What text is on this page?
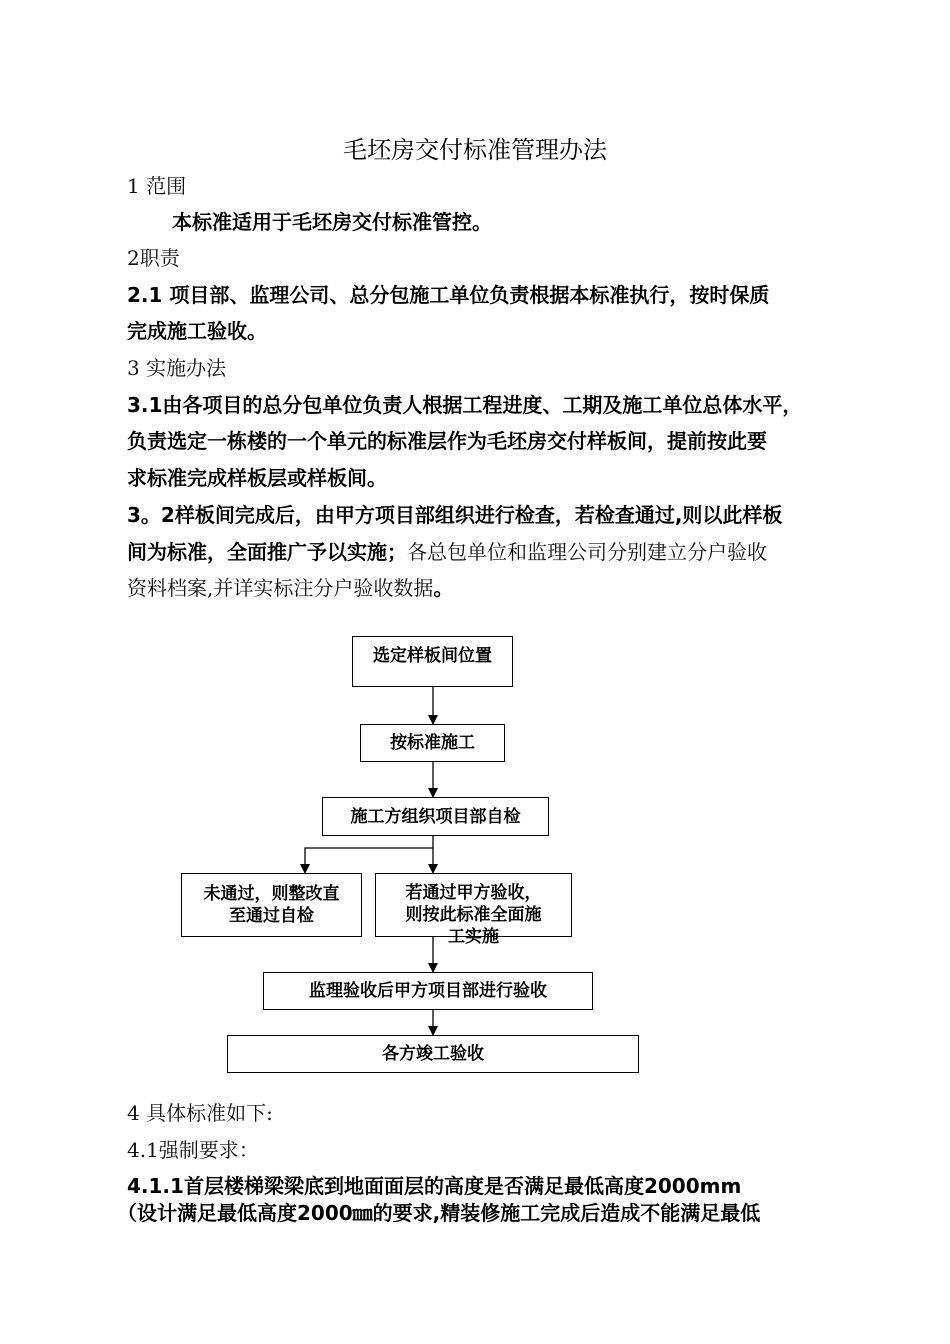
毛坯房交付标准管理办法
1 范围
本标准适用于毛坯房交付标准管控。
2职责
2.1 项目部、监理公司、总分包施工单位负责根据本标准执行，按时保质
完成施工验收。
3 实施办法
3.1由各项目的总分包单位负责人根据工程进度、工期及施工单位总体水平，
负责选定一栋楼的一个单元的标准层作为毛坯房交付样板间，提前按此要
求标准完成样板层或样板间。
3。2样板间完成后，由甲方项目部组织进行检查，若检查通过,则以此样板
间为标准，全面推广予以实施；各总包单位和监理公司分别建立分户验收
资料档案,并详实标注分户验收数据。
选定样板间位置
按标准施工
施工方组织项目部自检
未通过，则整改直至通过自检
若通过甲方验收，则按此标准全面施工实施
监理验收后甲方项目部进行验收
各方竣工验收
4 具体标准如下:
4.1强制要求：
4.1.1首层楼梯梁梁底到地面面层的高度是否满足最低高度2000mm
（设计满足最低高度2000㎜的要求,精装修施工完成后造成不能满足最低
